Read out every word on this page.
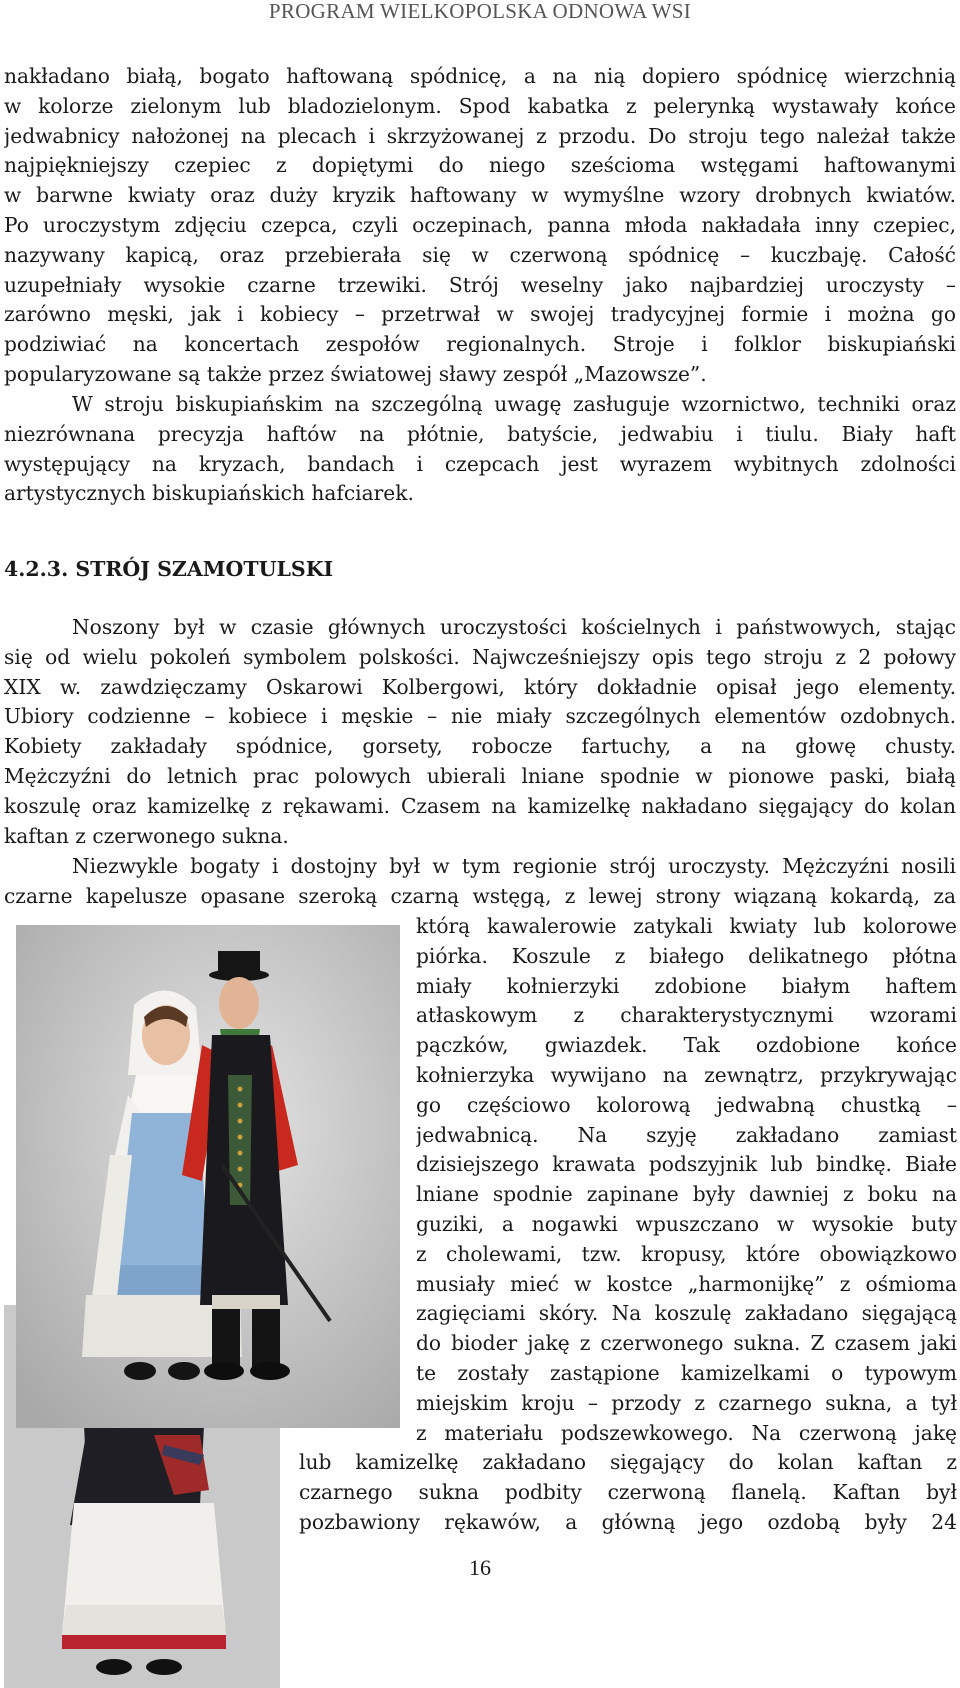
PROGRAM WIELKOPOLSKA ODNOWA WSI
nakładano białą, bogato haftowaną spódnicę, a na nią dopiero spódnicę wierzchnią
w kolorze zielonym lub bladozielonym. Spod kabatka z pelerynką wystawały końce
jedwabnicy nałożonej na plecach i skrzyżowanej z przodu. Do stroju tego należał także
najpiękniejszy czepiec z dopiętymi do niego sześcioma wstęgami haftowanymi
w barwne kwiaty oraz duży kryzik haftowany w wymyślne wzory drobnych kwiatów.
Po uroczystym zdjęciu czepca, czyli oczepinach, panna młoda nakładała inny czepiec,
nazywany kapicą, oraz przebierała się w czerwoną spódnicę – kuczbaję. Całość
uzupełniały wysokie czarne trzewiki. Strój weselny jako najbardziej uroczysty –
zarówno męski, jak i kobiecy – przetrwał w swojej tradycyjnej formie i można go
podziwiać na koncertach zespołów regionalnych. Stroje i folklor biskupiański
popularyzowane są także przez światowej sławy zespół „Mazowsze”.
W stroju biskupiańskim na szczególną uwagę zasługuje wzornictwo, techniki oraz
niezrównana precyzja haftów na płótnie, batyście, jedwabiu i tiulu. Biały haft
występujący na kryzach, bandach i czepcach jest wyrazem wybitnych zdolności
artystycznych biskupiańskich hafciarek.
4.2.3. STRÓJ SZAMOTULSKI
Noszony był w czasie głównych uroczystości kościelnych i państwowych, stając
się od wielu pokoleń symbolem polskości. Najwcześniejszy opis tego stroju z 2 połowy
XIX w. zawdzięczamy Oskarowi Kolbergowi, który dokładnie opisał jego elementy.
Ubiory codzienne – kobiece i męskie – nie miały szczególnych elementów ozdobnych.
Kobiety zakładały spódnice, gorsety, robocze fartuchy, a na głowę chusty.
Mężczyźni do letnich prac polowych ubierali lniane spodnie w pionowe paski, białą
koszulę oraz kamizelkę z rękawami. Czasem na kamizelkę nakładano sięgający do kolan
kaftan z czerwonego sukna.
Niezwykle bogaty i dostojny był w tym regionie strój uroczysty. Mężczyźni nosili
czarne kapelusze opasane szeroką czarną wstęgą, z lewej strony wiązaną kokardą, za
którą kawalerowie zatykali kwiaty lub kolorowe
piórka. Koszule z białego delikatnego płótna
miały kołnierzyki zdobione białym haftem
atłaskowym z charakterystycznymi wzorami
pączków, gwiazdek. Tak ozdobione końce
kołnierzyka wywijano na zewnątrz, przykrywając
go częściowo kolorową jedwabną chustką –
jedwabnicą. Na szyję zakładano zamiast
dzisiejszego krawata podszyjnik lub bindkę. Białe
lniane spodnie zapinane były dawniej z boku na
guziki, a nogawki wpuszczano w wysokie buty
z cholewami, tzw. kropusy, które obowiązkowo
musiały mieć w kostce „harmonijkę” z ośmioma
zagięciami skóry. Na koszulę zakładano sięgającą
do bioder jakę z czerwonego sukna. Z czasem jaki
te zostały zastąpione kamizelkami o typowym
miejskim kroju – przody z czarnego sukna, a tył
z materiału podszewkowego. Na czerwoną jakę
lub kamizelkę zakładano sięgający do kolan kaftan z
czarnego sukna podbity czerwoną flanelą. Kaftan był
pozbawiony rękawów, a główną jego ozdobą były 24
16
